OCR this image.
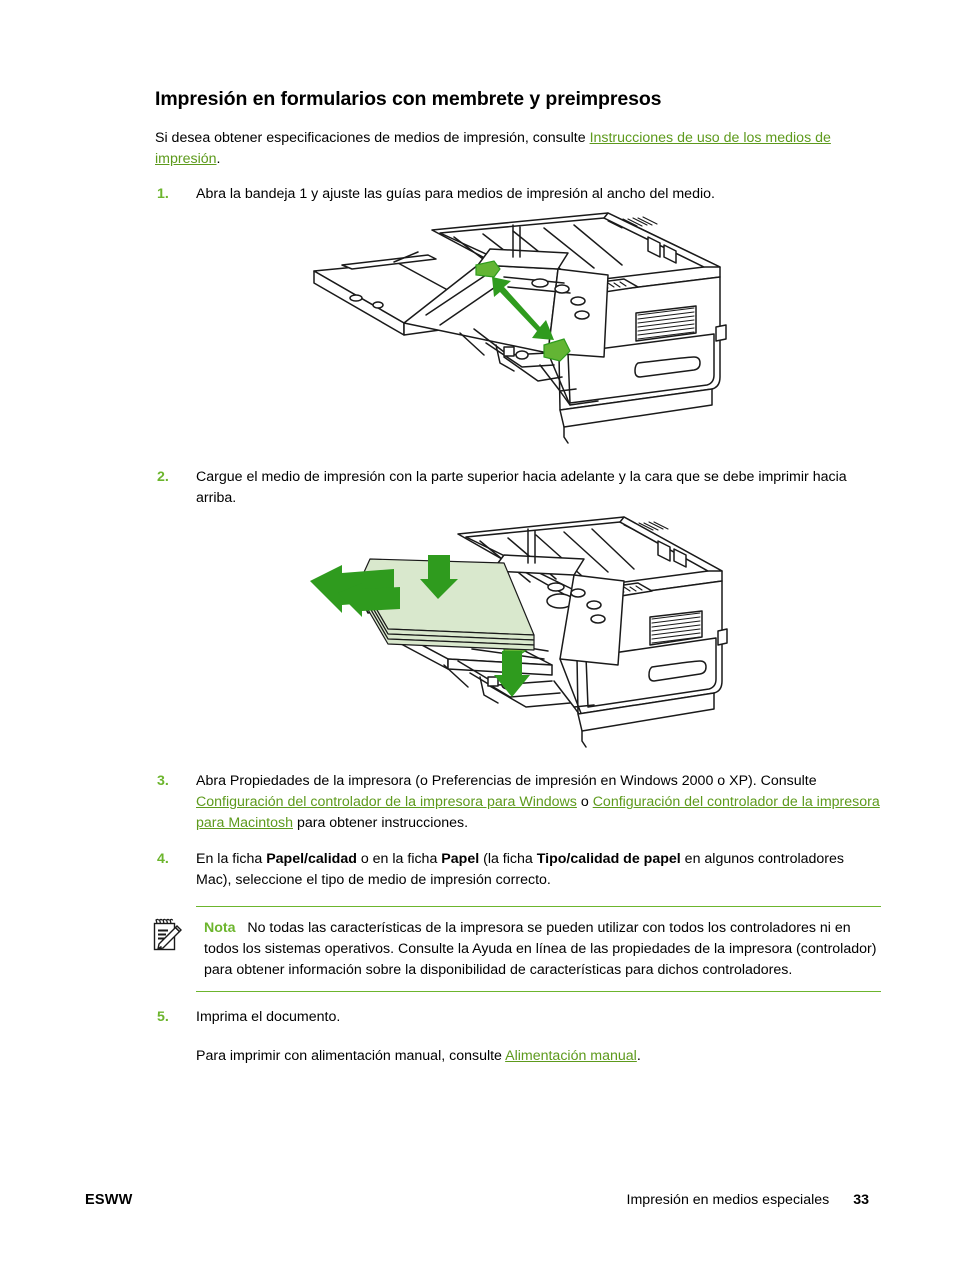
Impresión en formularios con membrete y preimpresos

Si desea obtener especificaciones de medios de impresión, consulte Instrucciones de uso de los medios de impresión.

1.	Abra la bandeja 1 y ajuste las guías para medios de impresión al ancho del medio.
2.	Cargue el medio de impresión con la parte superior hacia adelante y la cara que se debe imprimir hacia arriba.
3.	Abra Propiedades de la impresora (o Preferencias de impresión en Windows 2000 o XP). Consulte Configuración del controlador de la impresora para Windows o Configuración del controlador de la impresora para Macintosh para obtener instrucciones.
4.	En la ficha Papel/calidad o en la ficha Papel (la ficha Tipo/calidad de papel en algunos controladores Mac), seleccione el tipo de medio de impresión correcto.
Nota No todas las características de la impresora se pueden utilizar con todos los controladores ni en todos los sistemas operativos. Consulte la Ayuda en línea de las propiedades de la impresora (controlador) para obtener información sobre la disponibilidad de características para dichos controladores.
5.	Imprima el documento.
Para imprimir con alimentación manual, consulte Alimentación manual.
ESWW	Impresión en medios especiales 33
